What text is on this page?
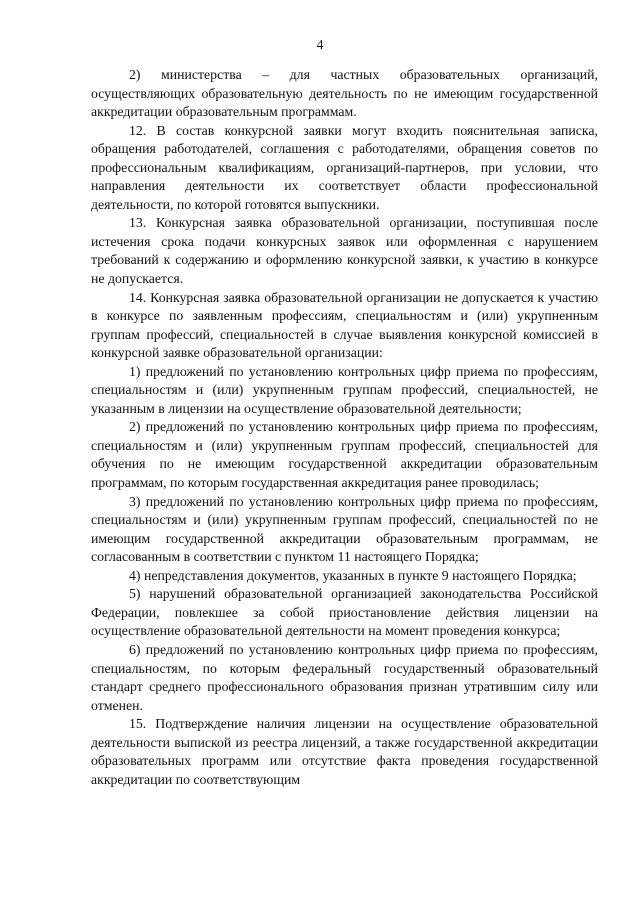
4

2) министерства – для частных образовательных организаций, осуществляющих образовательную деятельность по не имеющим государственной аккредитации образовательным программам.

12. В состав конкурсной заявки могут входить пояснительная записка, обращения работодателей, соглашения с работодателями, обращения советов по профессиональным квалификациям, организаций-партнеров, при условии, что направления деятельности их соответствует области профессиональной деятельности, по которой готовятся выпускники.

13. Конкурсная заявка образовательной организации, поступившая после истечения срока подачи конкурсных заявок или оформленная с нарушением требований к содержанию и оформлению конкурсной заявки, к участию в конкурсе не допускается.

14. Конкурсная заявка образовательной организации не допускается к участию в конкурсе по заявленным профессиям, специальностям и (или) укрупненным группам профессий, специальностей в случае выявления конкурсной комиссией в конкурсной заявке образовательной организации:

1) предложений по установлению контрольных цифр приема по профессиям, специальностям и (или) укрупненным группам профессий, специальностей, не указанным в лицензии на осуществление образовательной деятельности;

2) предложений по установлению контрольных цифр приема по профессиям, специальностям и (или) укрупненным группам профессий, специальностей для обучения по не имеющим государственной аккредитации образовательным программам, по которым государственная аккредитация ранее проводилась;

3) предложений по установлению контрольных цифр приема по профессиям, специальностям и (или) укрупненным группам профессий, специальностей по не имеющим государственной аккредитации образовательным программам, не согласованным в соответствии с пунктом 11 настоящего Порядка;

4) непредставления документов, указанных в пункте 9 настоящего Порядка;

5) нарушений образовательной организацией законодательства Российской Федерации, повлекшее за собой приостановление действия лицензии на осуществление образовательной деятельности на момент проведения конкурса;

6) предложений по установлению контрольных цифр приема по профессиям, специальностям, по которым федеральный государственный образовательный стандарт среднего профессионального образования признан утратившим силу или отменен.

15. Подтверждение наличия лицензии на осуществление образовательной деятельности выпиской из реестра лицензий, а также государственной аккредитации образовательных программ или отсутствие факта проведения государственной аккредитации по соответствующим
